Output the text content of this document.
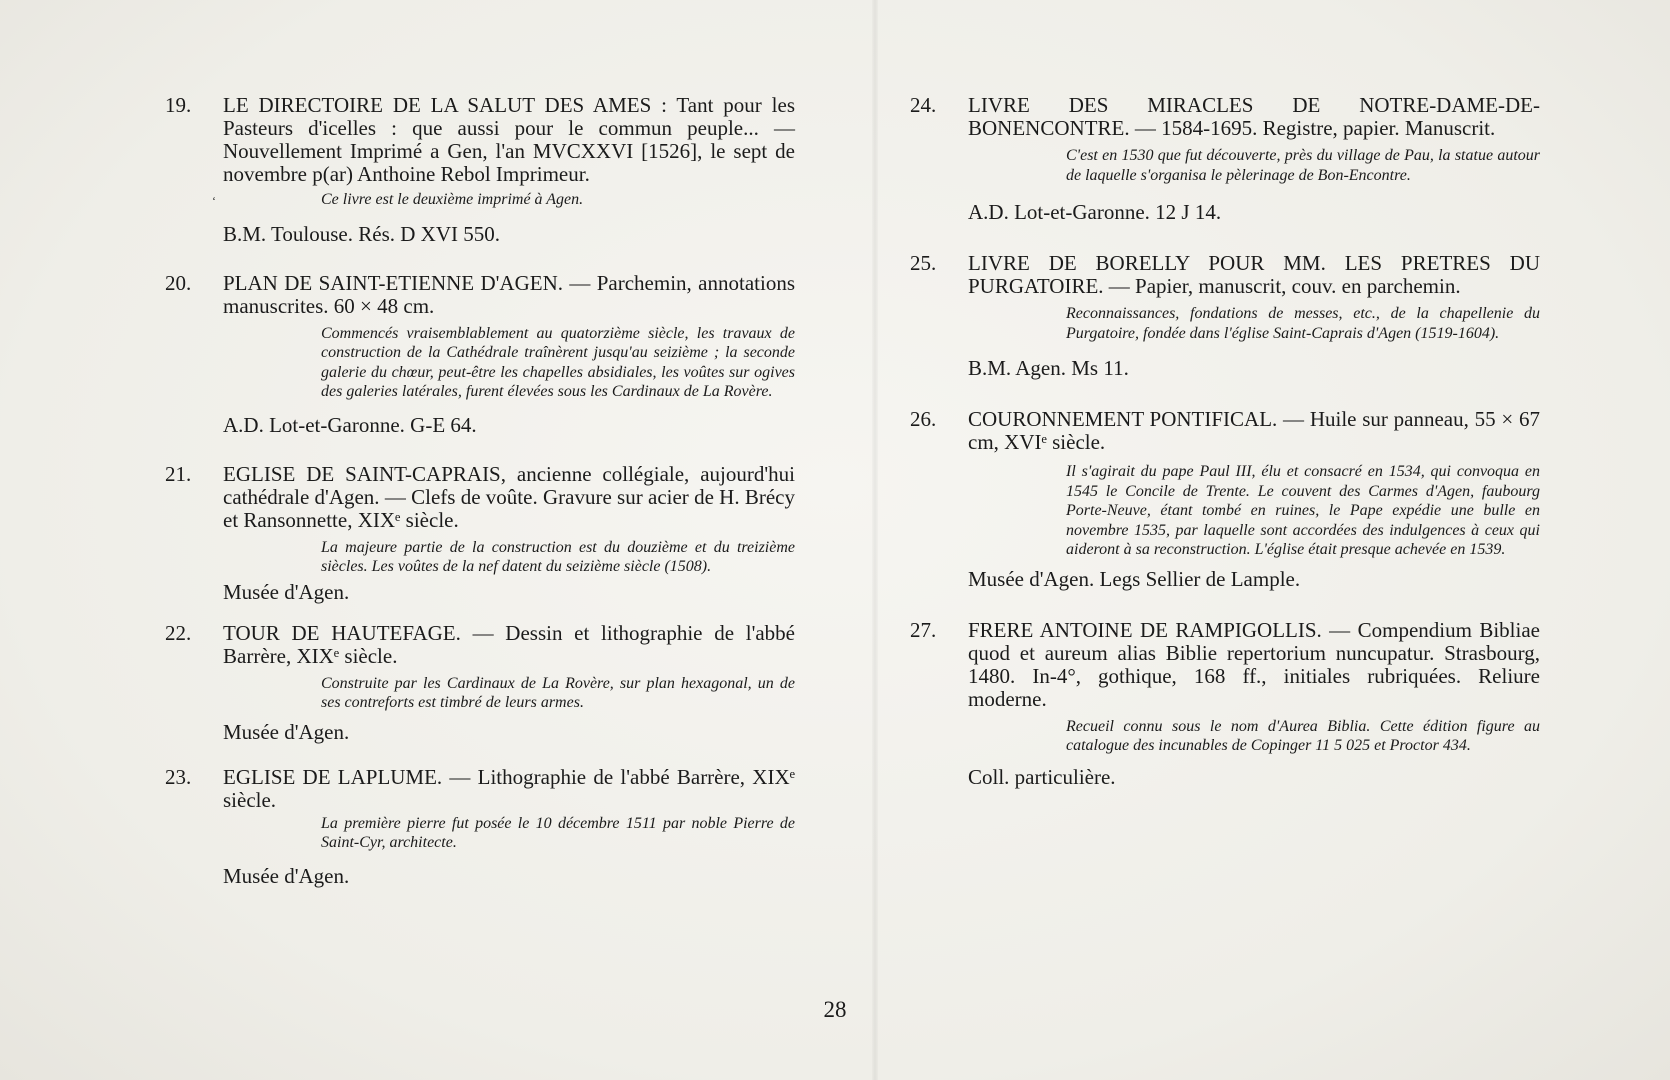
‘
19.	LE DIRECTOIRE DE LA SALUT DES AMES : Tant pour les Pasteurs d'icelles : que aussi pour le commun peuple... — Nouvellement Imprimé a Gen, l'an MVCXXVI [1526], le sept de novembre p(ar) Anthoine Rebol Imprimeur.

Ce livre est le deuxième imprimé à Agen.

B.M. Toulouse. Rés. D XVI 550.

20.	PLAN DE SAINT-ETIENNE D'AGEN. — Parchemin, annotations manuscrites. 60 × 48 cm.

Commencés vraisemblablement au quatorzième siècle, les travaux de construction de la Cathédrale traînèrent jusqu'au seizième ; la seconde galerie du chœur, peut-être les chapelles absidiales, les voûtes sur ogives des galeries latérales, furent élevées sous les Cardinaux de La Rovère.

A.D. Lot-et-Garonne. G-E 64.

21.	EGLISE DE SAINT-CAPRAIS, ancienne collégiale, aujourd'hui cathédrale d'Agen. — Clefs de voûte. Gravure sur acier de H. Brécy et Ransonnette, XIXᵉ siècle.

La majeure partie de la construction est du douzième et du treizième siècles. Les voûtes de la nef datent du seizième siècle (1508).

Musée d'Agen.

22.	TOUR DE HAUTEFAGE. — Dessin et lithographie de l'abbé Barrère, XIXᵉ siècle.

Construite par les Cardinaux de La Rovère, sur plan hexagonal, un de ses contreforts est timbré de leurs armes.

Musée d'Agen.

23.	EGLISE DE LAPLUME. — Lithographie de l'abbé Barrère, XIXᵉ siècle.

La première pierre fut posée le 10 décembre 1511 par noble Pierre de Saint-Cyr, architecte.

Musée d'Agen.

24.	LIVRE DES MIRACLES DE NOTRE-DAME-DE-BONENCONTRE. — 1584-1695. Registre, papier. Manuscrit.

C'est en 1530 que fut découverte, près du village de Pau, la statue autour de laquelle s'organisa le pèlerinage de Bon-Encontre.

A.D. Lot-et-Garonne. 12 J 14.

25.	LIVRE DE BORELLY POUR MM. LES PRETRES DU PURGATOIRE. — Papier, manuscrit, couv. en parchemin.

Reconnaissances, fondations de messes, etc., de la chapellenie du Purgatoire, fondée dans l'église Saint-Caprais d'Agen (1519-1604).

B.M. Agen. Ms 11.

26.	COURONNEMENT PONTIFICAL. — Huile sur panneau, 55 × 67 cm, XVIᵉ siècle.

Il s'agirait du pape Paul III, élu et consacré en 1534, qui convoqua en 1545 le Concile de Trente. Le couvent des Carmes d'Agen, faubourg Porte-Neuve, étant tombé en ruines, le Pape expédie une bulle en novembre 1535, par laquelle sont accordées des indulgences à ceux qui aideront à sa reconstruction. L'église était presque achevée en 1539.

Musée d'Agen. Legs Sellier de Lample.

27.	FRERE ANTOINE DE RAMPIGOLLIS. — Compendium Bibliae quod et aureum alias Biblie repertorium nuncupatur. Strasbourg, 1480. In-4°, gothique, 168 ff., initiales rubriquées. Reliure moderne.

Recueil connu sous le nom d'Aurea Biblia. Cette édition figure au catalogue des incunables de Copinger 11 5 025 et Proctor 434.

Coll. particulière.

28
